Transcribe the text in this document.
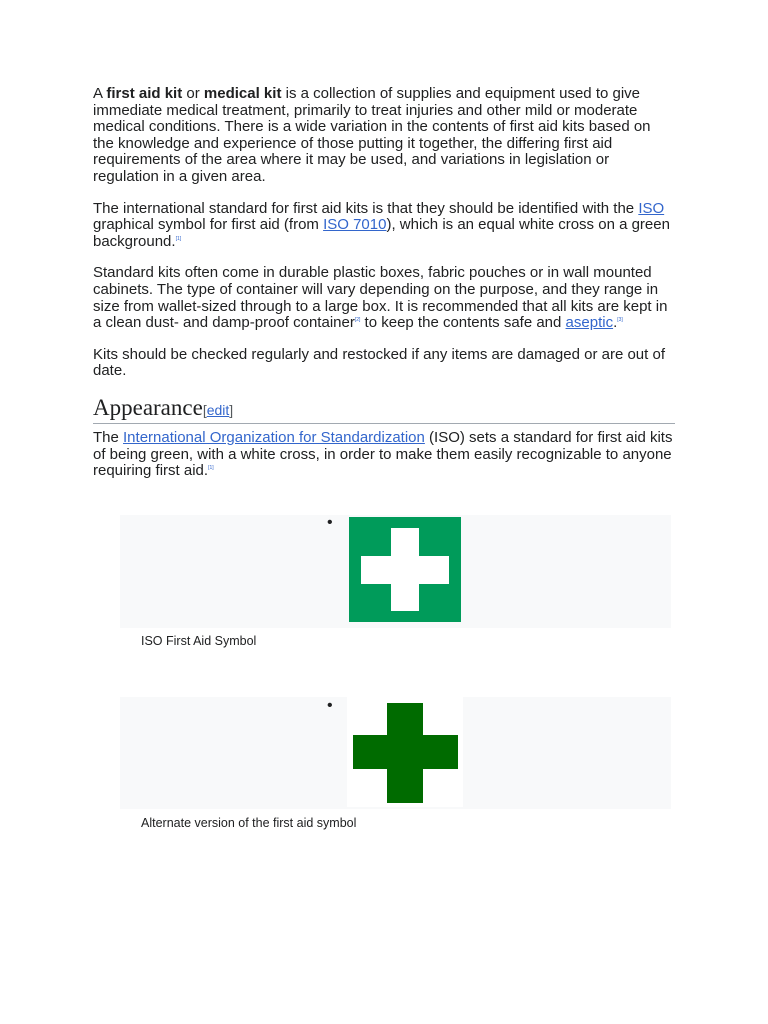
A first aid kit or medical kit is a collection of supplies and equipment used to give immediate medical treatment, primarily to treat injuries and other mild or moderate medical conditions. There is a wide variation in the contents of first aid kits based on the knowledge and experience of those putting it together, the differing first aid requirements of the area where it may be used, and variations in legislation or regulation in a given area.

The international standard for first aid kits is that they should be identified with the ISO graphical symbol for first aid (from ISO 7010), which is an equal white cross on a green background.[1]

Standard kits often come in durable plastic boxes, fabric pouches or in wall mounted cabinets. The type of container will vary depending on the purpose, and they range in size from wallet-sized through to a large box. It is recommended that all kits are kept in a clean dust- and damp-proof container[2] to keep the contents safe and aseptic.[3]

Kits should be checked regularly and restocked if any items are damaged or are out of date.

Appearance[edit]

The International Organization for Standardization (ISO) sets a standard for first aid kits of being green, with a white cross, in order to make them easily recognizable to anyone requiring first aid.[1]

•
ISO First Aid Symbol
•
Alternate version of the first aid symbol
